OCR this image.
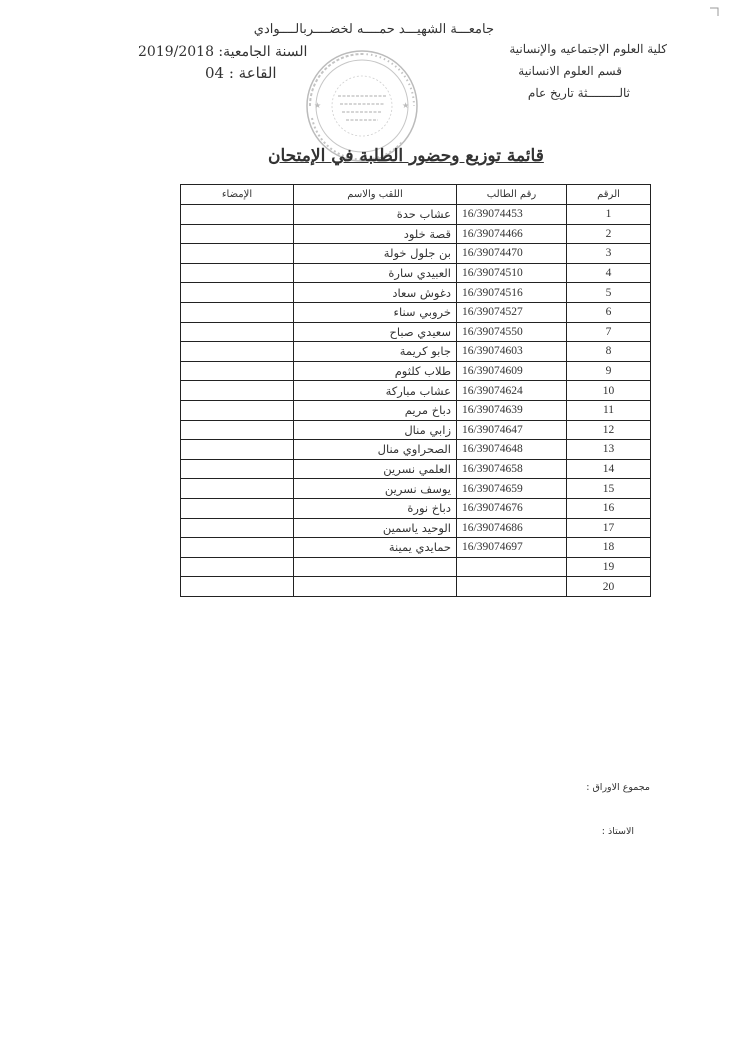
جامعـــة الشهيـــد حمــــه لخضــــربالــــوادي
كلية العلوم الإجتماعيه والإنسانية
قسم العلوم الانسانية
ثالـــــــــثة تاريخ عام
السنة الجامعية: 2019/2018
القاعة : 04
★	★
قائمة توزيع وحضور الطلبة في الإمتحان
الرقم	رقم الطالب	اللقب والاسم	الإمضاء
1	16/39074453	عشاب حدة	
2	16/39074466	قصة خلود	
3	16/39074470	بن جلول خولة	
4	16/39074510	العبيدي سارة	
5	16/39074516	دغوش سعاد	
6	16/39074527	خروبي سناء	
7	16/39074550	سعيدي صباح	
8	16/39074603	جابو كريمة	
9	16/39074609	طلاب كلثوم	
10	16/39074624	عشاب مباركة	
11	16/39074639	دباخ مريم	
12	16/39074647	زابي منال	
13	16/39074648	الصحراوي منال	
14	16/39074658	العلمي نسرين	
15	16/39074659	يوسف نسرين	
16	16/39074676	دباخ نورة	
17	16/39074686	الوحيد ياسمين	
18	16/39074697	حمايدي يمينة	
19			
20			
مجموع الاوراق :
الاستاذ :
